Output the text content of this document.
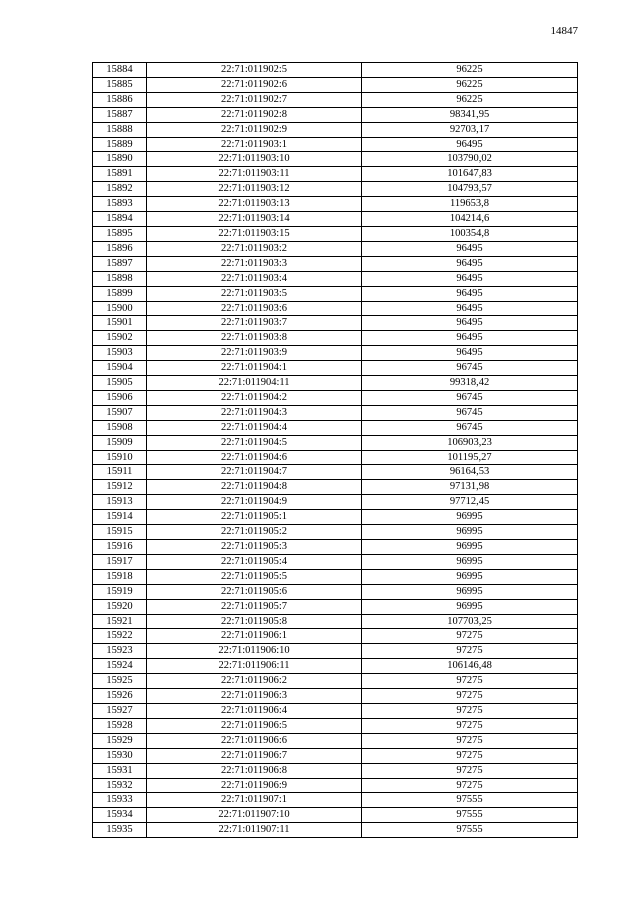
14847
15884	22:71:011902:5	96225
15885	22:71:011902:6	96225
15886	22:71:011902:7	96225
15887	22:71:011902:8	98341,95
15888	22:71:011902:9	92703,17
15889	22:71:011903:1	96495
15890	22:71:011903:10	103790,02
15891	22:71:011903:11	101647,83
15892	22:71:011903:12	104793,57
15893	22:71:011903:13	119653,8
15894	22:71:011903:14	104214,6
15895	22:71:011903:15	100354,8
15896	22:71:011903:2	96495
15897	22:71:011903:3	96495
15898	22:71:011903:4	96495
15899	22:71:011903:5	96495
15900	22:71:011903:6	96495
15901	22:71:011903:7	96495
15902	22:71:011903:8	96495
15903	22:71:011903:9	96495
15904	22:71:011904:1	96745
15905	22:71:011904:11	99318,42
15906	22:71:011904:2	96745
15907	22:71:011904:3	96745
15908	22:71:011904:4	96745
15909	22:71:011904:5	106903,23
15910	22:71:011904:6	101195,27
15911	22:71:011904:7	96164,53
15912	22:71:011904:8	97131,98
15913	22:71:011904:9	97712,45
15914	22:71:011905:1	96995
15915	22:71:011905:2	96995
15916	22:71:011905:3	96995
15917	22:71:011905:4	96995
15918	22:71:011905:5	96995
15919	22:71:011905:6	96995
15920	22:71:011905:7	96995
15921	22:71:011905:8	107703,25
15922	22:71:011906:1	97275
15923	22:71:011906:10	97275
15924	22:71:011906:11	106146,48
15925	22:71:011906:2	97275
15926	22:71:011906:3	97275
15927	22:71:011906:4	97275
15928	22:71:011906:5	97275
15929	22:71:011906:6	97275
15930	22:71:011906:7	97275
15931	22:71:011906:8	97275
15932	22:71:011906:9	97275
15933	22:71:011907:1	97555
15934	22:71:011907:10	97555
15935	22:71:011907:11	97555
